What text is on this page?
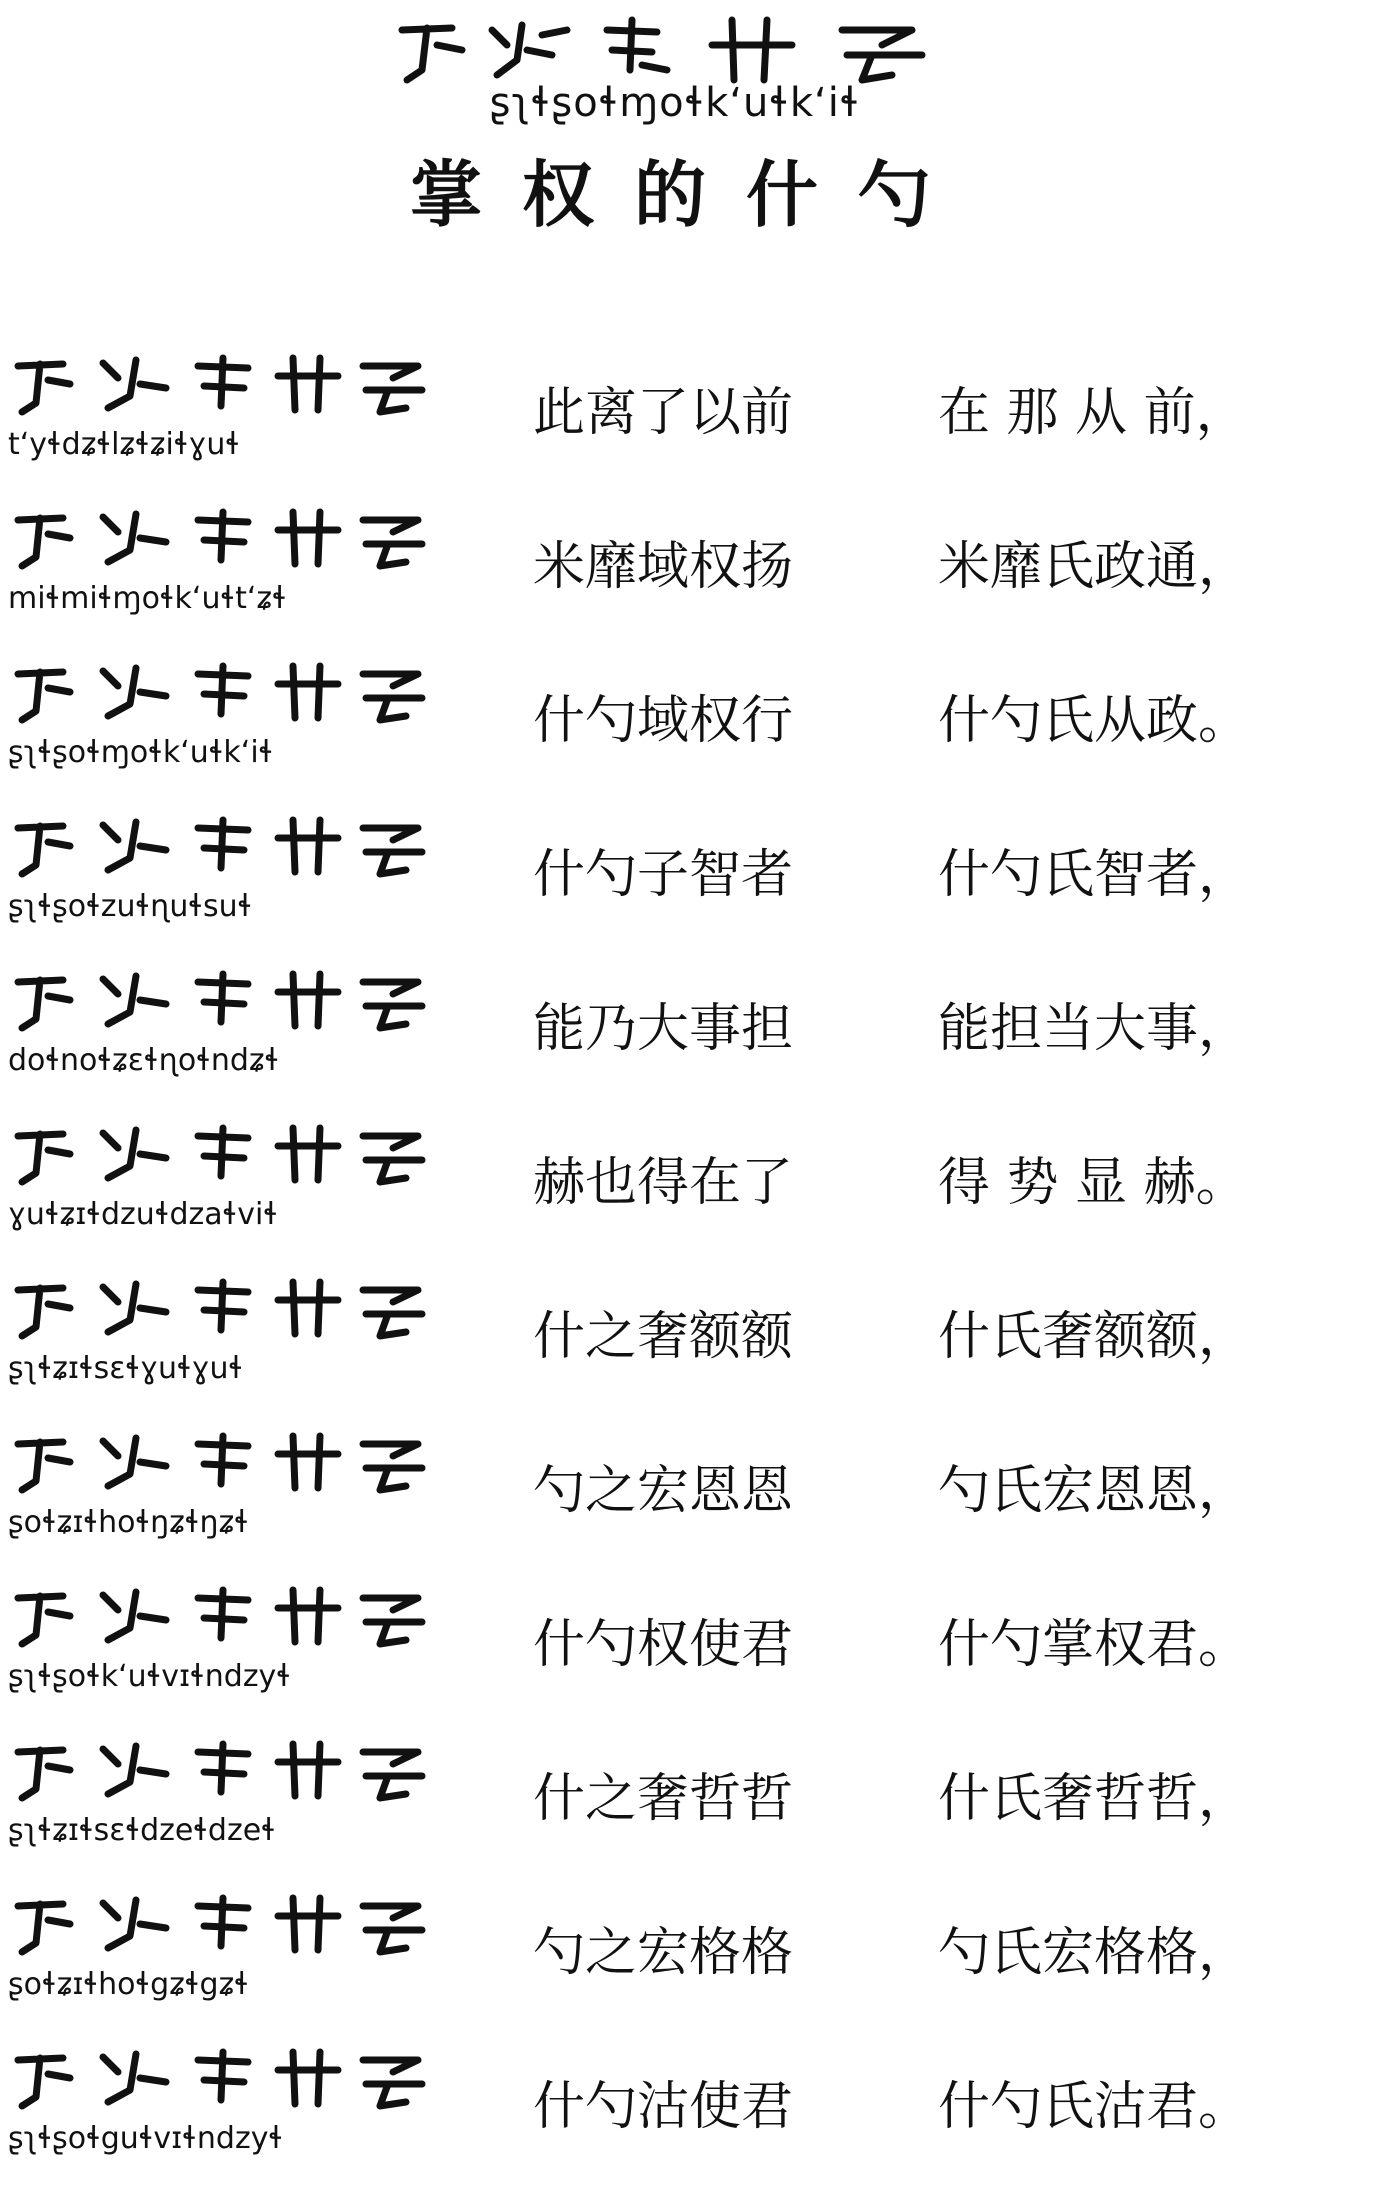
ʂʅɬʂoɬɱoɬkʻuɬkʻiɬ
掌权的什勺
tʻyɬdʑɬlʑɬʑiɬɣuɬ
此离了以前	在 那 从 前，
miɬmiɬɱoɬkʻuɬtʻʑɬ
米靡域权扬	米靡氏政通，
ʂʅɬʂoɬɱoɬkʻuɬkʻiɬ
什勺域权行	什勺氏从政。
ʂʅɬʂoɬzuɬɳuɬsuɬ
什勺子智者	什勺氏智者，
doɬnoɬʑɛɬɳoɬndʑɬ
能乃大事担	能担当大事，
ɣuɬʑɪɬdzuɬdzaɬviɬ
赫也得在了	得 势 显 赫。
ʂʅɬʑɪɬsɛɬɣuɬɣuɬ
什之奢额额	什氏奢额额，
ʂoɬʑɪɬhoɬŋʑɬŋʑɬ
勺之宏恩恩	勺氏宏恩恩，
ʂʅɬʂoɬkʻuɬvɪɬndzyɬ
什勺权使君	什勺掌权君。
ʂʅɬʑɪɬsɛɬdzeɬdzeɬ
什之奢哲哲	什氏奢哲哲，
ʂoɬʑɪɬhoɬgʑɬgʑɬ
勺之宏格格	勺氏宏格格，
ʂʅɬʂoɬguɬvɪɬndzyɬ
什勺沽使君	什勺氏沽君。
